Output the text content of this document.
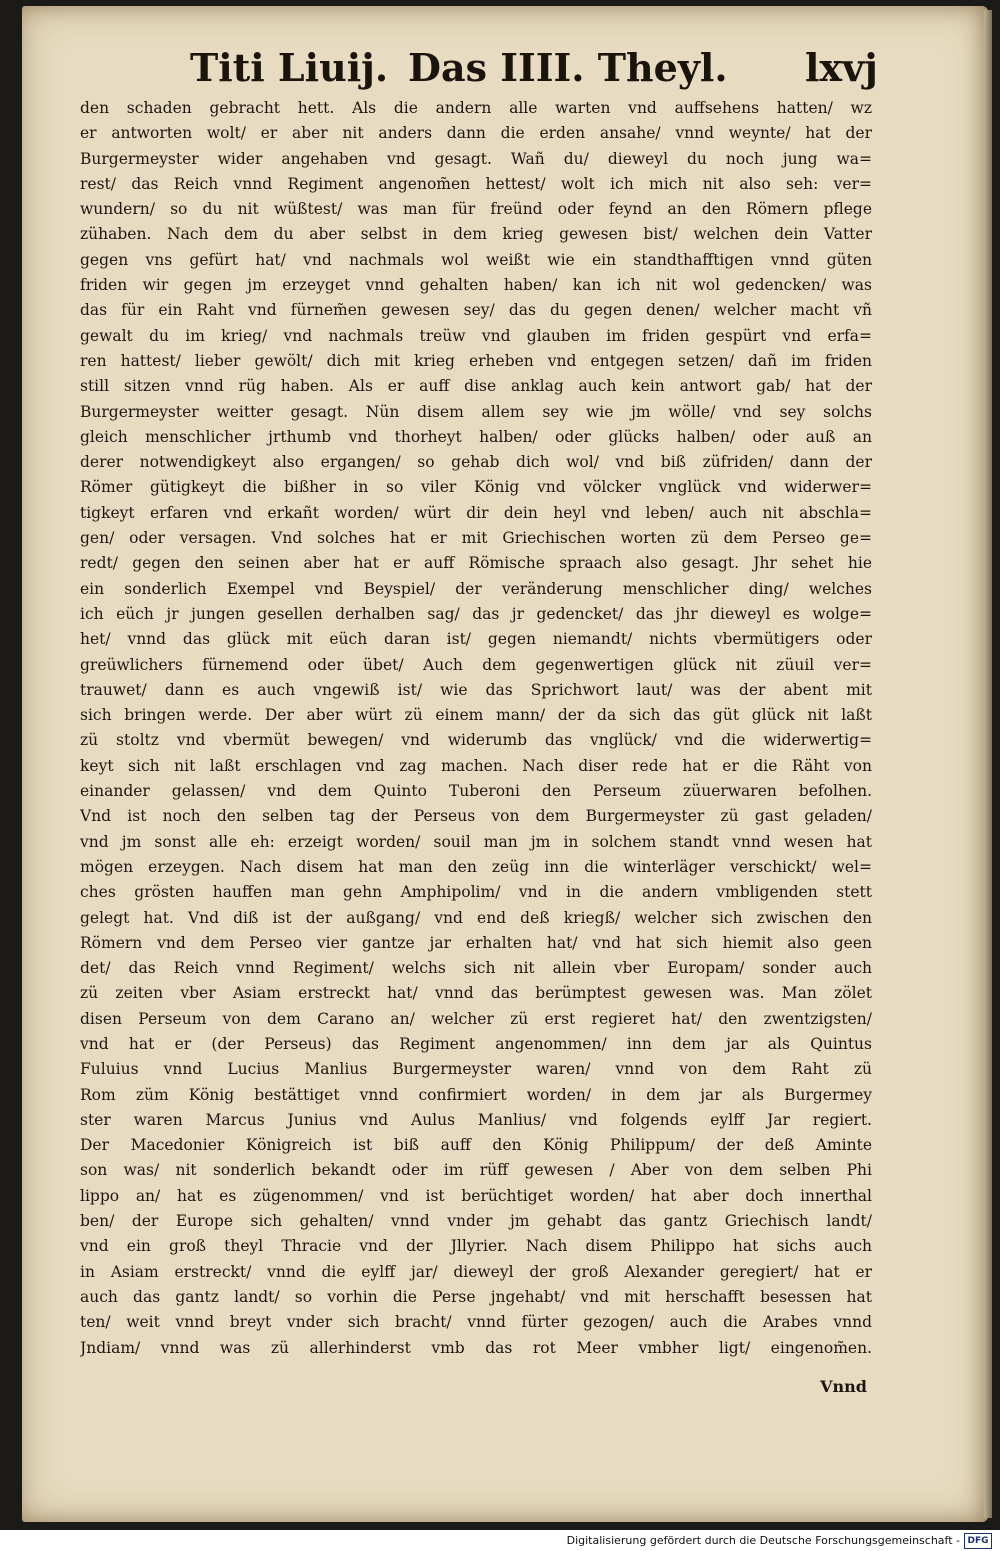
Titi Liuij. Das IIII. Theyl. lxvj
den schaden gebracht hett. Als die andern alle warten vnd auffsehens hatten/ wz
er antworten wolt/ er aber nit anders dann die erden ansahe/ vnnd weynte/ hat der
Burgermeyster wider angehaben vnd gesagt. Wañ du/ dieweyl du noch jung wa=
rest/ das Reich vnnd Regiment angenom̃en hettest/ wolt ich mich nit also seh: ver=
wundern/ so du nit wüßtest/ was man für freünd oder feynd an den Römern pflege
zühaben. Nach dem du aber selbst in dem krieg gewesen bist/ welchen dein Vatter
gegen vns gefürt hat/ vnd nachmals wol weißt wie ein standthafftigen vnnd güten
friden wir gegen jm erzeyget vnnd gehalten haben/ kan ich nit wol gedencken/ was
das für ein Raht vnd fürnem̃en gewesen sey/ das du gegen denen/ welcher macht vñ
gewalt du im krieg/ vnd nachmals treüw vnd glauben im friden gespürt vnd erfa=
ren hattest/ lieber gewölt/ dich mit krieg erheben vnd entgegen setzen/ dañ im friden
still sitzen vnnd rüg haben. Als er auff dise anklag auch kein antwort gab/ hat der
Burgermeyster weitter gesagt. Nün disem allem sey wie jm wölle/ vnd sey solchs
gleich menschlicher jrthumb vnd thorheyt halben/ oder glücks halben/ oder auß an
derer notwendigkeyt also ergangen/ so gehab dich wol/ vnd biß züfriden/ dann der
Römer gütigkeyt die bißher in so viler König vnd völcker vnglück vnd widerwer=
tigkeyt erfaren vnd erkañt worden/ würt dir dein heyl vnd leben/ auch nit abschla=
gen/ oder versagen. Vnd solches hat er mit Griechischen worten zü dem Perseo ge=
redt/ gegen den seinen aber hat er auff Römische spraach also gesagt. Jhr sehet hie
ein sonderlich Exempel vnd Beyspiel/ der veränderung menschlicher ding/ welches
ich eüch jr jungen gesellen derhalben sag/ das jr gedencket/ das jhr dieweyl es wolge=
het/ vnnd das glück mit eüch daran ist/ gegen niemandt/ nichts vbermütigers oder
greüwlichers fürnemend oder übet/ Auch dem gegenwertigen glück nit züuil ver=
trauwet/ dann es auch vngewiß ist/ wie das Sprichwort laut/ was der abent mit
sich bringen werde. Der aber würt zü einem mann/ der da sich das güt glück nit laßt
zü stoltz vnd vbermüt bewegen/ vnd widerumb das vnglück/ vnd die widerwertig=
keyt sich nit laßt erschlagen vnd zag machen. Nach diser rede hat er die Räht von
einander gelassen/ vnd dem Quinto Tuberoni den Perseum züuerwaren befolhen.
Vnd ist noch den selben tag der Perseus von dem Burgermeyster zü gast geladen/
vnd jm sonst alle eh: erzeigt worden/ souil man jm in solchem standt vnnd wesen hat
mögen erzeygen. Nach disem hat man den zeüg inn die winterläger verschickt/ wel=
ches grösten hauffen man gehn Amphipolim/ vnd in die andern vmbligenden stett
gelegt hat. Vnd diß ist der außgang/ vnd end deß kriegß/ welcher sich zwischen den
Römern vnd dem Perseo vier gantze jar erhalten hat/ vnd hat sich hiemit also geen
det/ das Reich vnnd Regiment/ welchs sich nit allein vber Europam/ sonder auch
zü zeiten vber Asiam erstreckt hat/ vnnd das berümptest gewesen was. Man zölet
disen Perseum von dem Carano an/ welcher zü erst regieret hat/ den zwentzigsten/
vnd hat er (der Perseus) das Regiment angenommen/ inn dem jar als Quintus
Fuluius vnnd Lucius Manlius Burgermeyster waren/ vnnd von dem Raht zü
Rom züm König bestättiget vnnd confirmiert worden/ in dem jar als Burgermey
ster waren Marcus Junius vnd Aulus Manlius/ vnd folgends eylff Jar regiert.
Der Macedonier Königreich ist biß auff den König Philippum/ der deß Aminte
son was/ nit sonderlich bekandt oder im rüff gewesen / Aber von dem selben Phi
lippo an/ hat es zügenommen/ vnd ist berüchtiget worden/ hat aber doch innerthal
ben/ der Europe sich gehalten/ vnnd vnder jm gehabt das gantz Griechisch landt/
vnd ein groß theyl Thracie vnd der Jllyrier. Nach disem Philippo hat sichs auch
in Asiam erstreckt/ vnnd die eylff jar/ dieweyl der groß Alexander geregiert/ hat er
auch das gantz landt/ so vorhin die Perse jngehabt/ vnd mit herschafft besessen hat
ten/ weit vnnd breyt vnder sich bracht/ vnnd fürter gezogen/ auch die Arabes vnnd
Jndiam/ vnnd was zü allerhinderst vmb das rot Meer vmbher ligt/ eingenom̃en.
Vnnd
Digitalisierung gefördert durch die Deutsche Forschungsgemeinschaft - DFG
